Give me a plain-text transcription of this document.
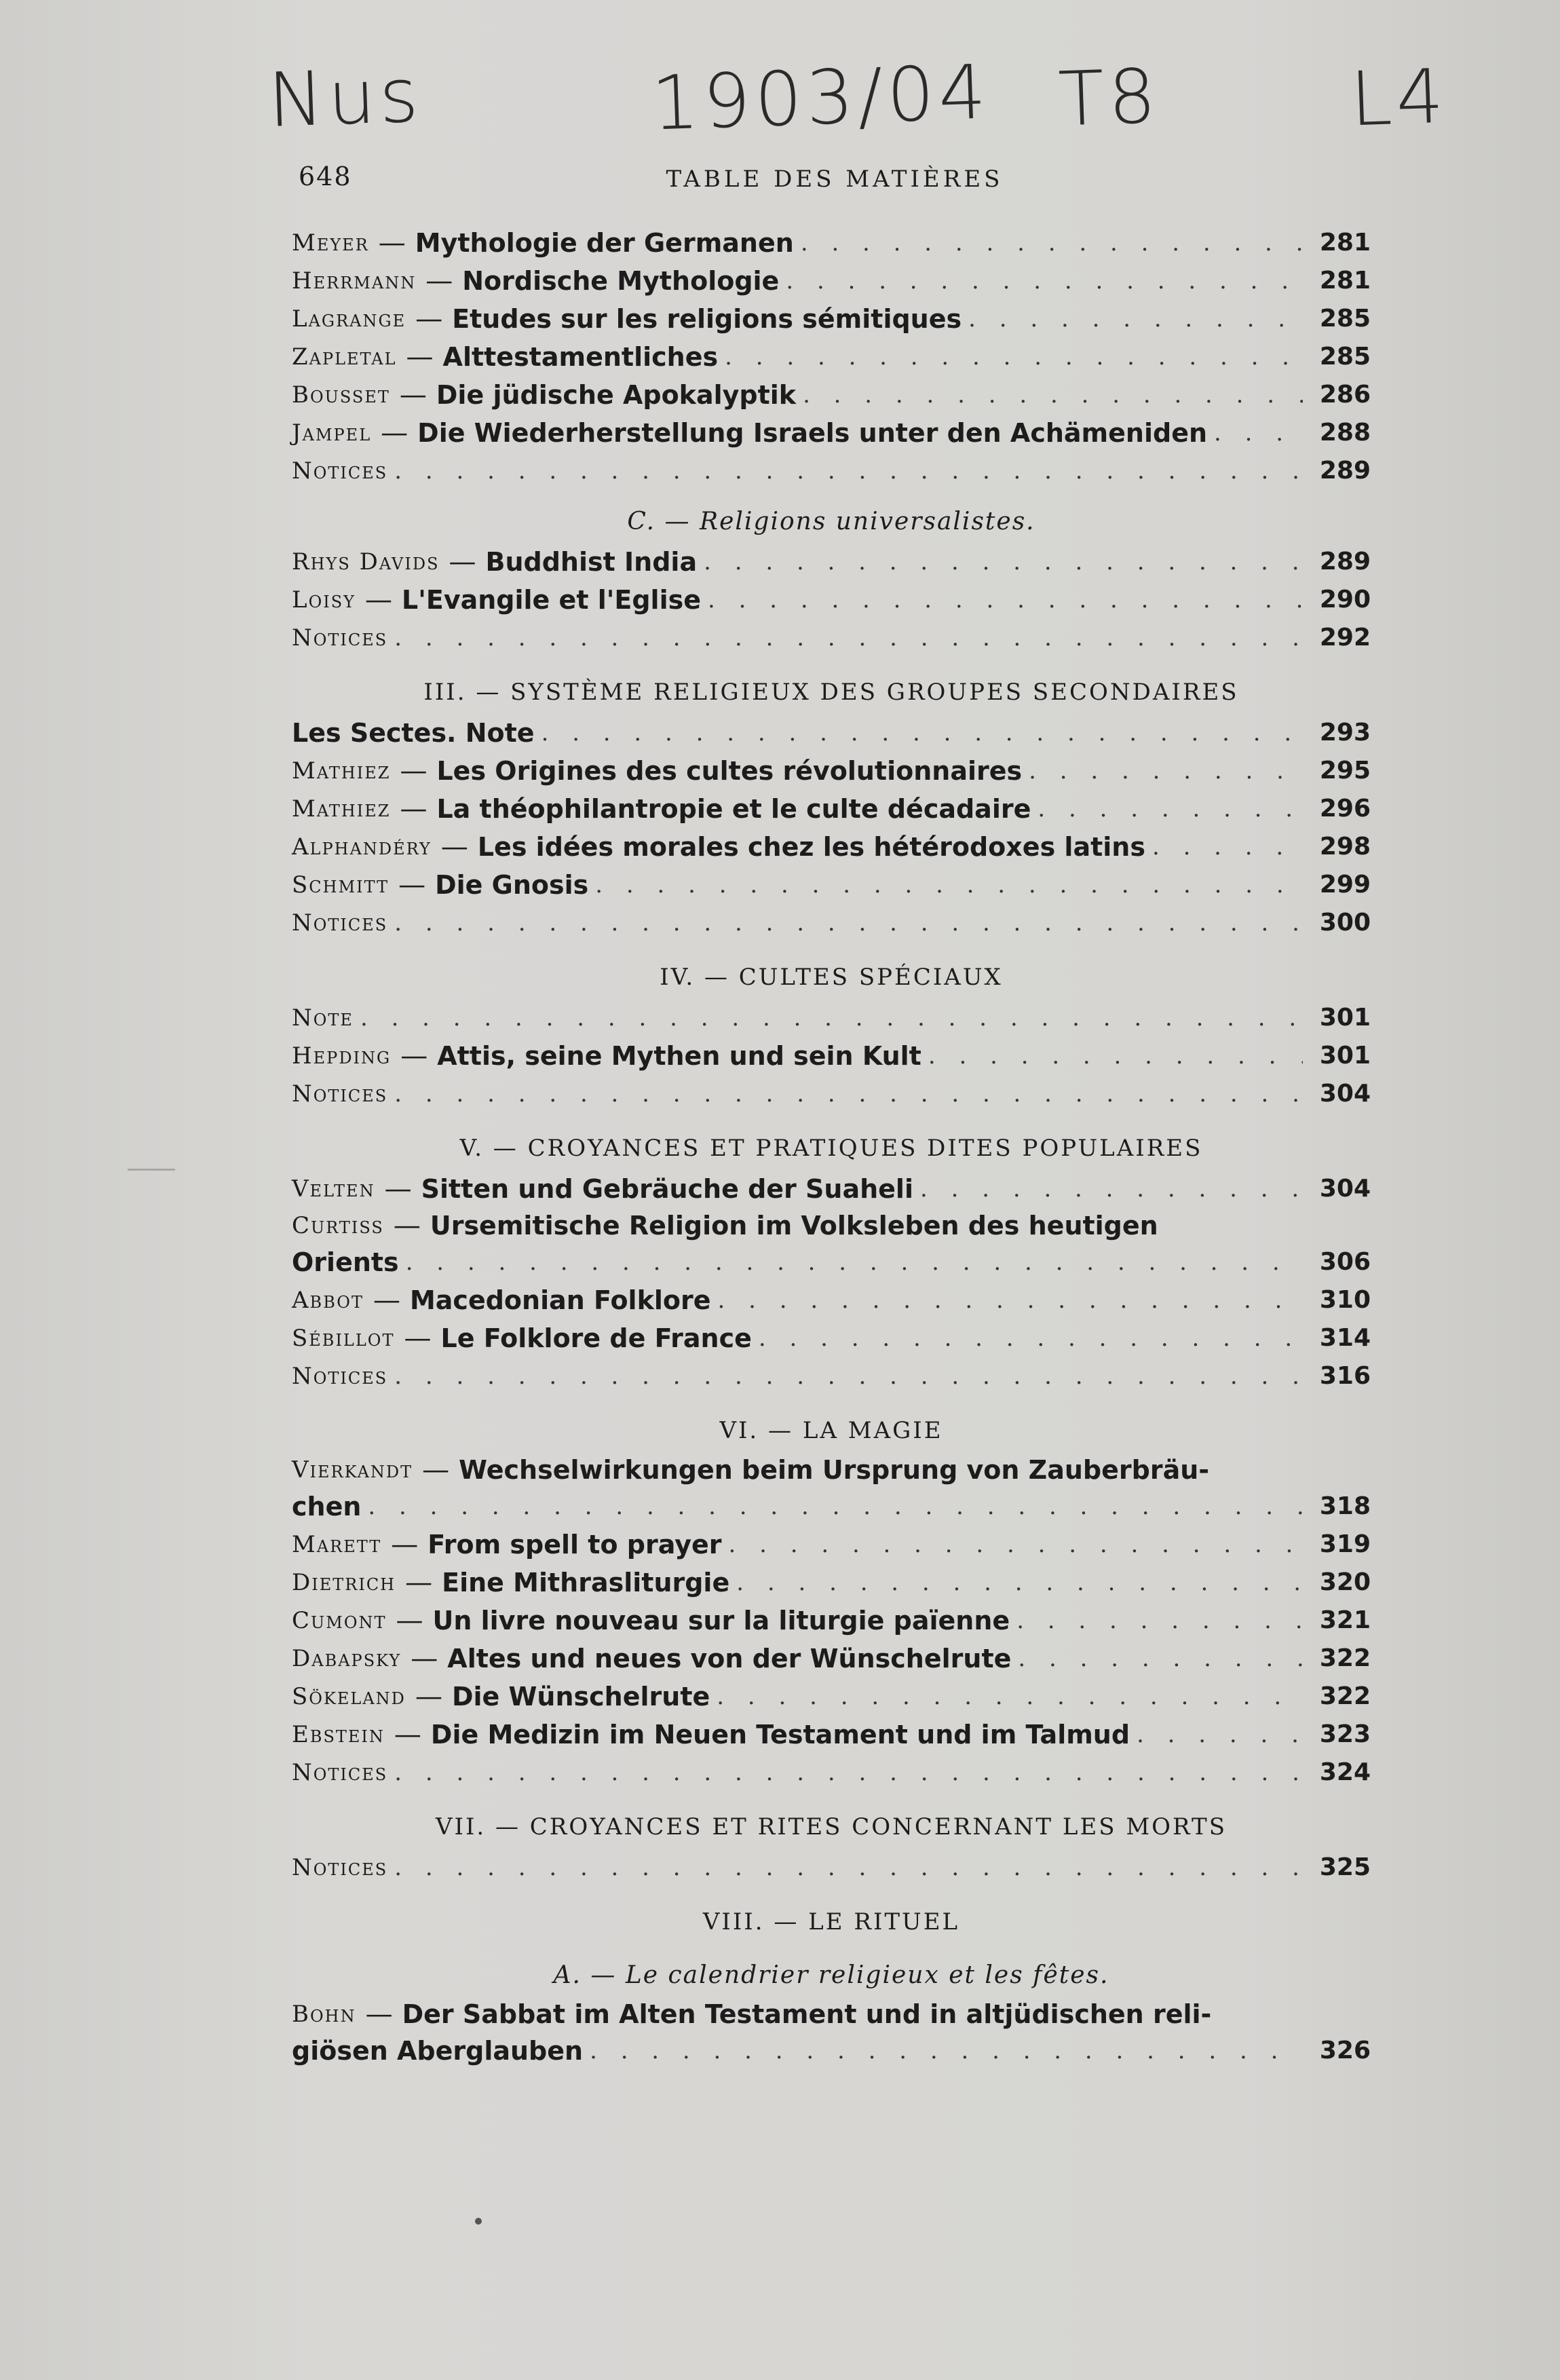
Nus	1903/04 T8	L4
648	TABLE DES MATIÈRES
Meyer — Mythologie der Germanen . . .	281
Herrmann — Nordische Mythologie . . .	281
Lagrange — Etudes sur les religions sémitiques . . .	285
Zapletal — Alttestamentliches . . .	285
Bousset — Die jüdische Apokalyptik . . .	286
Jampel — Die Wiederherstellung Israels unter den Achämeniden . . .	288
Notices . . .	289
C. — Religions universalistes.
Rhys Davids — Buddhist India . . .	289
Loisy — L'Evangile et l'Eglise . . .	290
Notices . . .	292
III. — SYSTÈME RELIGIEUX DES GROUPES SECONDAIRES
Les Sectes. Note . . .	293
Mathiez — Les Origines des cultes révolutionnaires . . .	295
Mathiez — La théophilantropie et le culte décadaire . . .	296
Alphandéry — Les idées morales chez les hétérodoxes latins . . .	298
Schmitt — Die Gnosis . . .	299
Notices . . .	300
IV. — CULTES SPÉCIAUX
Note . . .	301
Hepding — Attis, seine Mythen und sein Kult . . .	301
Notices . . .	304
V. — CROYANCES ET PRATIQUES DITES POPULAIRES
Velten — Sitten und Gebräuche der Suaheli . . .	304
Curtiss — Ursemitische Religion im Volksleben des heutigen
Orients . . .	306
Abbot — Macedonian Folklore . . .	310
Sébillot — Le Folklore de France . . .	314
Notices . . .	316
VI. — LA MAGIE
Vierkandt — Wechselwirkungen beim Ursprung von Zauberbräu-
chen . . .	318
Marett — From spell to prayer . . .	319
Dietrich — Eine Mithrasliturgie . . .	320
Cumont — Un livre nouveau sur la liturgie païenne . . .	321
Dabapsky — Altes und neues von der Wünschelrute . . .	322
Sökeland — Die Wünschelrute . . .	322
Ebstein — Die Medizin im Neuen Testament und im Talmud . . .	323
Notices . . .	324
VII. — CROYANCES ET RITES CONCERNANT LES MORTS
Notices . . .	325
VIII. — LE RITUEL
A. — Le calendrier religieux et les fêtes.
Bohn — Der Sabbat im Alten Testament und in altjüdischen reli-
giösen Aberglauben . . .	326
